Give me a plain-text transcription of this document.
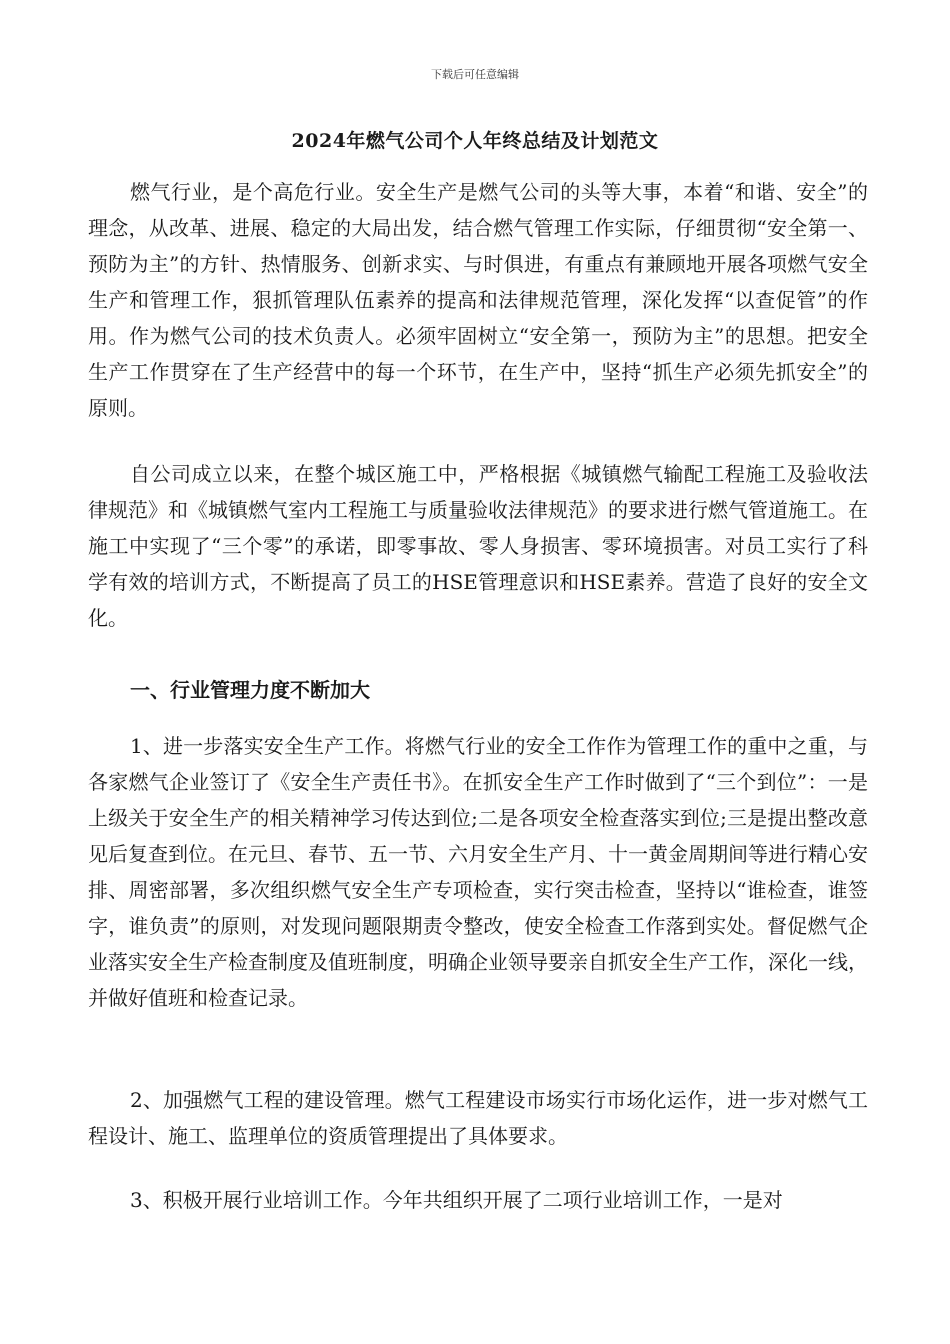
下载后可任意编辑
2024年燃气公司个人年终总结及计划范文

燃气行业，是个高危行业。安全生产是燃气公司的头等大事，本着“和谐、安全”的理念，从改革、进展、稳定的大局出发，结合燃气管理工作实际，仔细贯彻“安全第一、预防为主”的方针、热情服务、创新求实、与时俱进，有重点有兼顾地开展各项燃气安全生产和管理工作，狠抓管理队伍素养的提高和法律规范管理，深化发挥“以查促管”的作用。作为燃气公司的技术负责人。必须牢固树立“安全第一，预防为主”的思想。把安全生产工作贯穿在了生产经营中的每一个环节，在生产中，坚持“抓生产必须先抓安全”的原则。

自公司成立以来，在整个城区施工中，严格根据《城镇燃气输配工程施工及验收法律规范》和《城镇燃气室内工程施工与质量验收法律规范》的要求进行燃气管道施工。在施工中实现了“三个零”的承诺，即零事故、零人身损害、零环境损害。对员工实行了科学有效的培训方式，不断提高了员工的HSE管理意识和HSE素养。营造了良好的安全文化。

一、行业管理力度不断加大

1、进一步落实安全生产工作。将燃气行业的安全工作作为管理工作的重中之重，与各家燃气企业签订了《安全生产责任书》。在抓安全生产工作时做到了“三个到位”：一是上级关于安全生产的相关精神学习传达到位;二是各项安全检查落实到位;三是提出整改意见后复查到位。在元旦、春节、五一节、六月安全生产月、十一黄金周期间等进行精心安排、周密部署，多次组织燃气安全生产专项检查，实行突击检查，坚持以“谁检查，谁签字，谁负责”的原则，对发现问题限期责令整改，使安全检查工作落到实处。督促燃气企业落实安全生产检查制度及值班制度，明确企业领导要亲自抓安全生产工作，深化一线，并做好值班和检查记录。

2、加强燃气工程的建设管理。燃气工程建设市场实行市场化运作，进一步对燃气工程设计、施工、监理单位的资质管理提出了具体要求。

3、积极开展行业培训工作。今年共组织开展了二项行业培训工作，一是对
